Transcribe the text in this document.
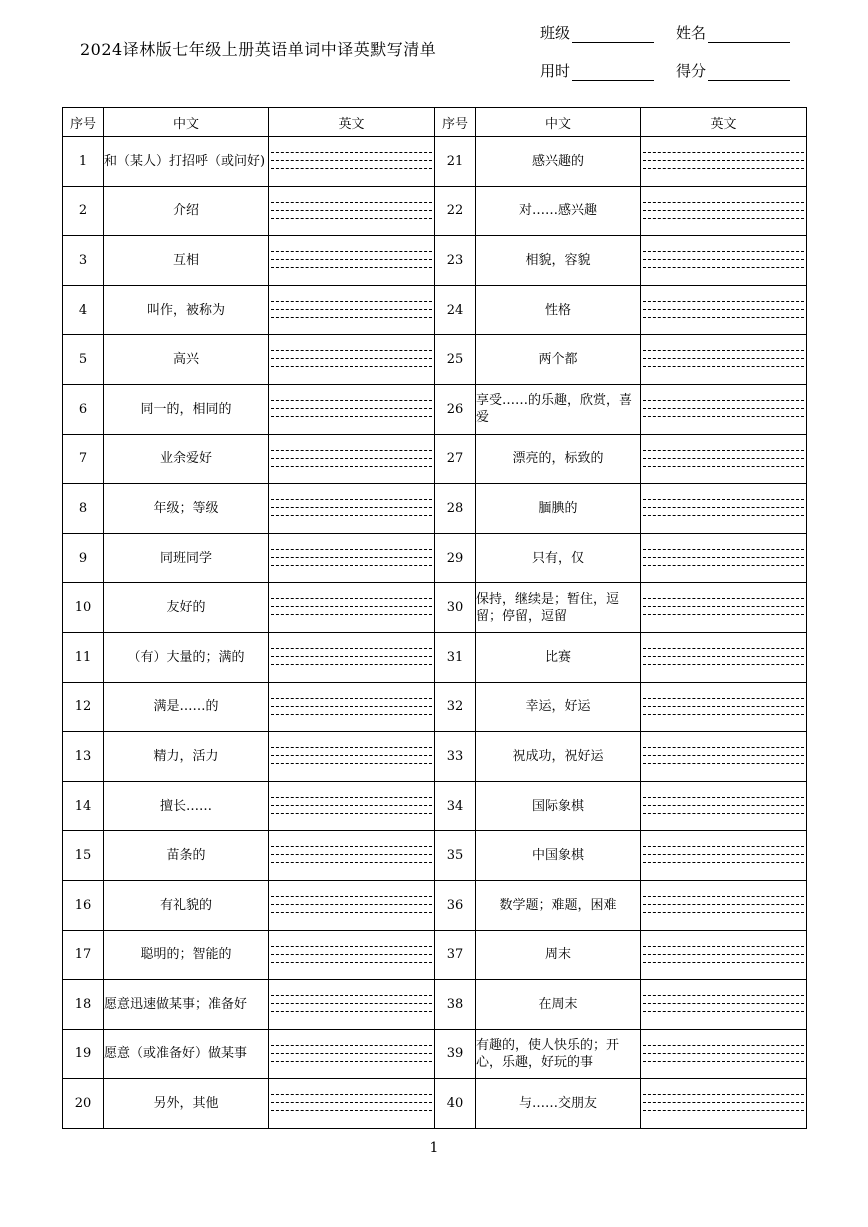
2024译林版七年级上册英语单词中译英默写清单
班级	姓名
用时	得分
序号	中文	英文	序号	中文	英文
1	和（某人）打招呼（或问好)		21	感兴趣的	

2	介绍		22	对……感兴趣	

3	互相		23	相貌，容貌	

4	叫作，被称为		24	性格	

5	高兴		25	两个都	

6	同一的，相同的		26	享受……的乐趣，欣赏，喜爱	

7	业余爱好		27	漂亮的，标致的	

8	年级；等级		28	腼腆的	

9	同班同学		29	只有，仅	

10	友好的		30	保持，继续是；暂住，逗留；停留，逗留	

11	（有）大量的；满的		31	比赛	

12	满是……的		32	幸运，好运	

13	精力，活力		33	祝成功，祝好运	

14	擅长……		34	国际象棋	

15	苗条的		35	中国象棋	

16	有礼貌的		36	数学题；难题，困难	

17	聪明的；智能的		37	周末	

18	愿意迅速做某事；准备好		38	在周末	

19	愿意（或准备好）做某事		39	有趣的，使人快乐的；开心，乐趣，好玩的事	

20	另外，其他		40	与……交朋友	
1
